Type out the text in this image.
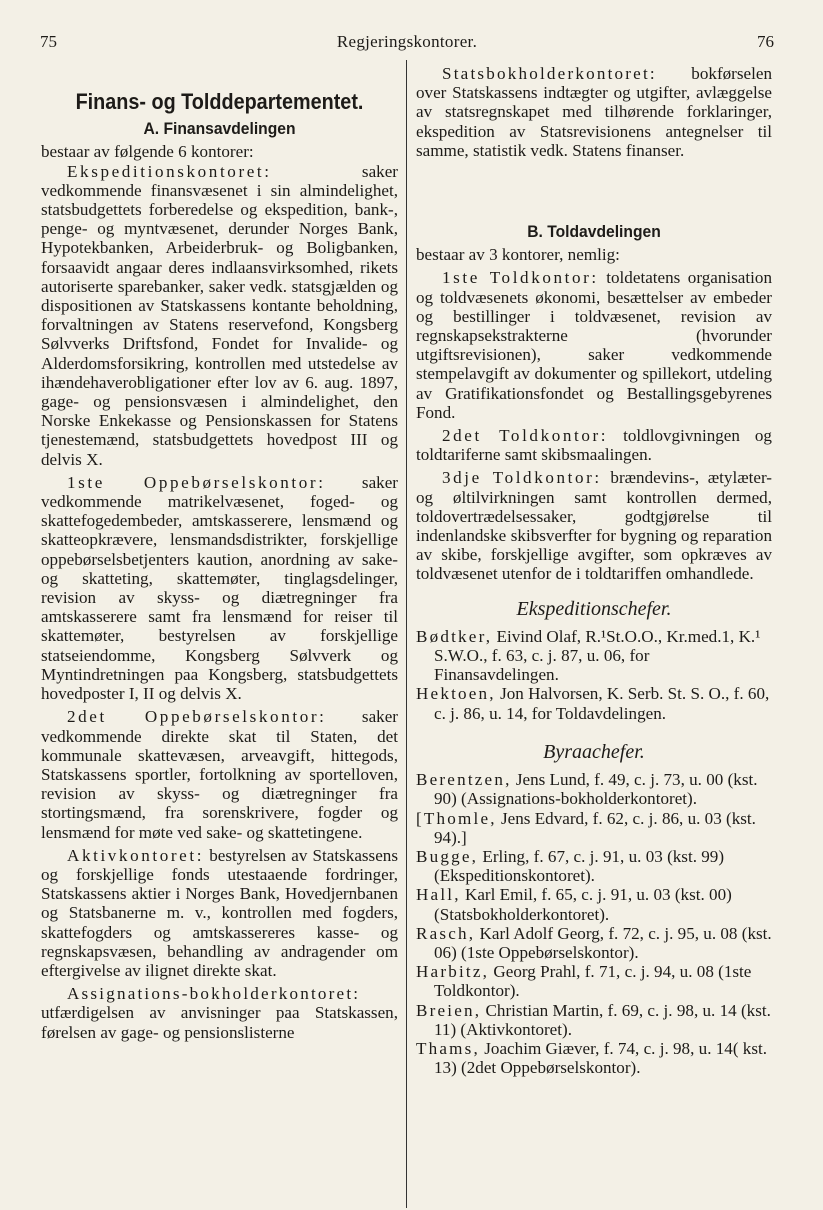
75	Regjeringskontorer.	76
Finans- og Tolddepartementet.
A. Finansavdelingen

bestaar av følgende 6 kontorer:

Ekspeditionskontoret: saker vedkommende finansvæsenet i sin almindelighet, statsbudgettets forberedelse og ekspedition, bank-, penge- og myntvæsenet, derunder Norges Bank, Hypotekbanken, Arbeiderbruk- og Boligbanken, forsaavidt angaar deres indlaansvirksomhed, rikets autoriserte sparebanker, saker vedk. statsgjælden og dispositionen av Statskassens kontante beholdning, forvaltningen av Statens reservefond, Kongsberg Sølvverks Driftsfond, Fondet for Invalide- og Alderdomsforsikring, kontrollen med utstedelse av ihændehaverobligationer efter lov av 6. aug. 1897, gage- og pensionsvæsen i almindelighet, den Norske Enkekasse og Pensionskassen for Statens tjenestemænd, statsbudgettets hovedpost III og delvis X.

1ste Oppebørselskontor: saker vedkommende matrikelvæsenet, foged- og skattefogedembeder, amtskasserere, lensmænd og skatteopkrævere, lensmandsdistrikter, forskjellige oppebørselsbetjenters kaution, anordning av sake- og skatteting, skattemøter, tinglagsdelinger, revision av skyss- og diætregninger fra amtskasserere samt fra lensmænd for reiser til skattemøter, bestyrelsen av forskjellige statseiendomme, Kongsberg Sølvverk og Myntindretningen paa Kongsberg, statsbudgettets hovedposter I, II og delvis X.

2det Oppebørselskontor: saker vedkommende direkte skat til Staten, det kommunale skattevæsen, arveavgift, hittegods, Statskassens sportler, fortolkning av sportelloven, revision av skyss- og diætregninger fra stortingsmænd, fra sorenskrivere, fogder og lensmænd for møte ved sake- og skattetingene.

Aktivkontoret: bestyrelsen av Statskassens og forskjellige fonds utestaaende fordringer, Statskassens aktier i Norges Bank, Hovedjernbanen og Statsbanerne m. v., kontrollen med fogders, skattefogders og amtskassereres kasse- og regnskapsvæsen, behandling av andragender om eftergivelse av ilignet direkte skat.

Assignations-bokholderkontoret: utfærdigelsen av anvisninger paa Statskassen, førelsen av gage- og pensionslisterne

Statsbokholderkontoret: bokførselen over Statskassens indtægter og utgifter, avlæggelse av statsregnskapet med tilhørende forklaringer, ekspedition av Statsrevisionens antegnelser til samme, statistik vedk. Statens finanser.

B. Toldavdelingen

bestaar av 3 kontorer, nemlig:

1ste Toldkontor: toldetatens organisation og toldvæsenets økonomi, besættelser av embeder og bestillinger i toldvæsenet, revision av regnskapsekstrakterne (hvorunder utgiftsrevisionen), saker vedkommende stempelavgift av dokumenter og spillekort, utdeling av Gratifikationsfondet og Bestallingsgebyrenes Fond.

2det Toldkontor: toldlovgivningen og toldtariferne samt skibsmaalingen.

3dje Toldkontor: brændevins-, ætylæter- og øltilvirkningen samt kontrollen dermed, toldovertrædelsessaker, godtgjørelse til indenlandske skibsverfter for bygning og reparation av skibe, forskjellige avgifter, som opkræves av toldvæsenet utenfor de i toldtariffen omhandlede.

Ekspeditionschefer.

Bødtker, Eivind Olaf, R.¹St.O.O., Kr.med.1, K.¹ S.W.O., f. 63, c. j. 87, u. 06, for Finansavdelingen.

Hektoen, Jon Halvorsen, K. Serb. St. S. O., f. 60, c. j. 86, u. 14, for Toldavdelingen.

Byraachefer.

Berentzen, Jens Lund, f. 49, c. j. 73, u. 00 (kst. 90) (Assignations-bokholderkontoret).

[Thomle, Jens Edvard, f. 62, c. j. 86, u. 03 (kst. 94).]

Bugge, Erling, f. 67, c. j. 91, u. 03 (kst. 99) (Ekspeditionskontoret).

Hall, Karl Emil, f. 65, c. j. 91, u. 03 (kst. 00) (Statsbokholderkontoret).

Rasch, Karl Adolf Georg, f. 72, c. j. 95, u. 08 (kst. 06) (1ste Oppebørselskontor).

Harbitz, Georg Prahl, f. 71, c. j. 94, u. 08 (1ste Toldkontor).

Breien, Christian Martin, f. 69, c. j. 98, u. 14 (kst. 11) (Aktivkontoret).

Thams, Joachim Giæver, f. 74, c. j. 98, u. 14( kst. 13) (2det Oppebørselskontor).
